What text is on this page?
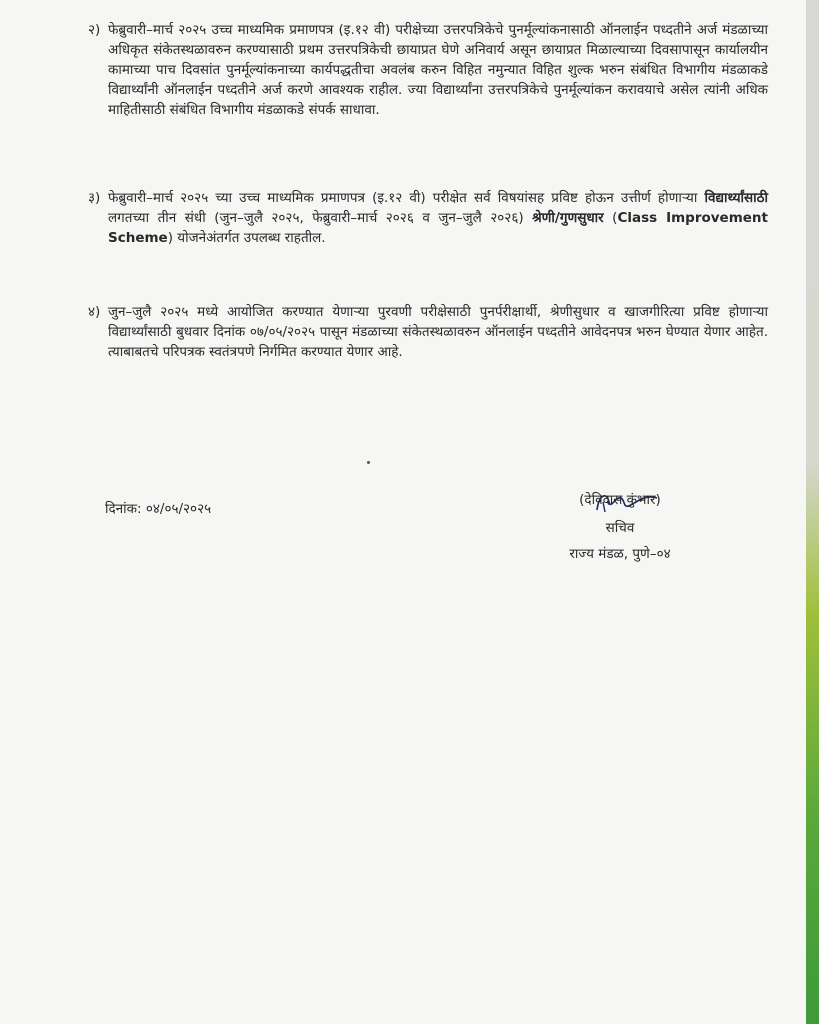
२) फेब्रुवारी–मार्च २०२५ उच्च माध्यमिक प्रमाणपत्र (इ.१२ वी) परीक्षेच्या उत्तरपत्रिकेचे पुनर्मूल्यांकनासाठी ऑनलाईन पध्दतीने अर्ज मंडळाच्या अधिकृत संकेतस्थळावरुन करण्यासाठी प्रथम उत्तरपत्रिकेची छायाप्रत घेणे अनिवार्य असून छायाप्रत मिळाल्याच्या दिवसापासून कार्यालयीन कामाच्या पाच दिवसांत पुनर्मूल्यांकनाच्या कार्यपद्धतीचा अवलंब करुन विहित नमुन्यात विहित शुल्क भरुन संबंधित विभागीय मंडळाकडे विद्यार्थ्यांनी ऑनलाईन पध्दतीने अर्ज करणे आवश्यक राहील. ज्या विद्यार्थ्यांना उत्तरपत्रिकेचे पुनर्मूल्यांकन करावयाचे असेल त्यांनी अधिक माहितीसाठी संबंधित विभागीय मंडळाकडे संपर्क साधावा.
३) फेब्रुवारी–मार्च २०२५ च्या उच्च माध्यमिक प्रमाणपत्र (इ.१२ वी) परीक्षेत सर्व विषयांसह प्रविष्ट होऊन उत्तीर्ण होणाऱ्या विद्यार्थ्यांसाठी लगतच्या तीन संधी (जुन–जुलै २०२५, फेब्रुवारी–मार्च २०२६ व जुन–जुलै २०२६) श्रेणी/गुणसुधार (Class Improvement Scheme) योजनेअंतर्गत उपलब्ध राहतील.
४) जुन–जुलै २०२५ मध्ये आयोजित करण्यात येणाऱ्या पुरवणी परीक्षेसाठी पुनर्परीक्षार्थी, श्रेणीसुधार व खाजगीरित्या प्रविष्ट होणाऱ्या विद्यार्थ्यांसाठी बुधवार दिनांक ०७/०५/२०२५ पासून मंडळाच्या संकेतस्थळावरुन ऑनलाईन पध्दतीने आवेदनपत्र भरुन घेण्यात येणार आहेत. त्याबाबतचे परिपत्रक स्वतंत्रपणे निर्गमित करण्यात येणार आहे.
दिनांक: ०४/०५/२०२५
(देविदास कुंभार)
सचिव
राज्य मंडळ, पुणे–०४
